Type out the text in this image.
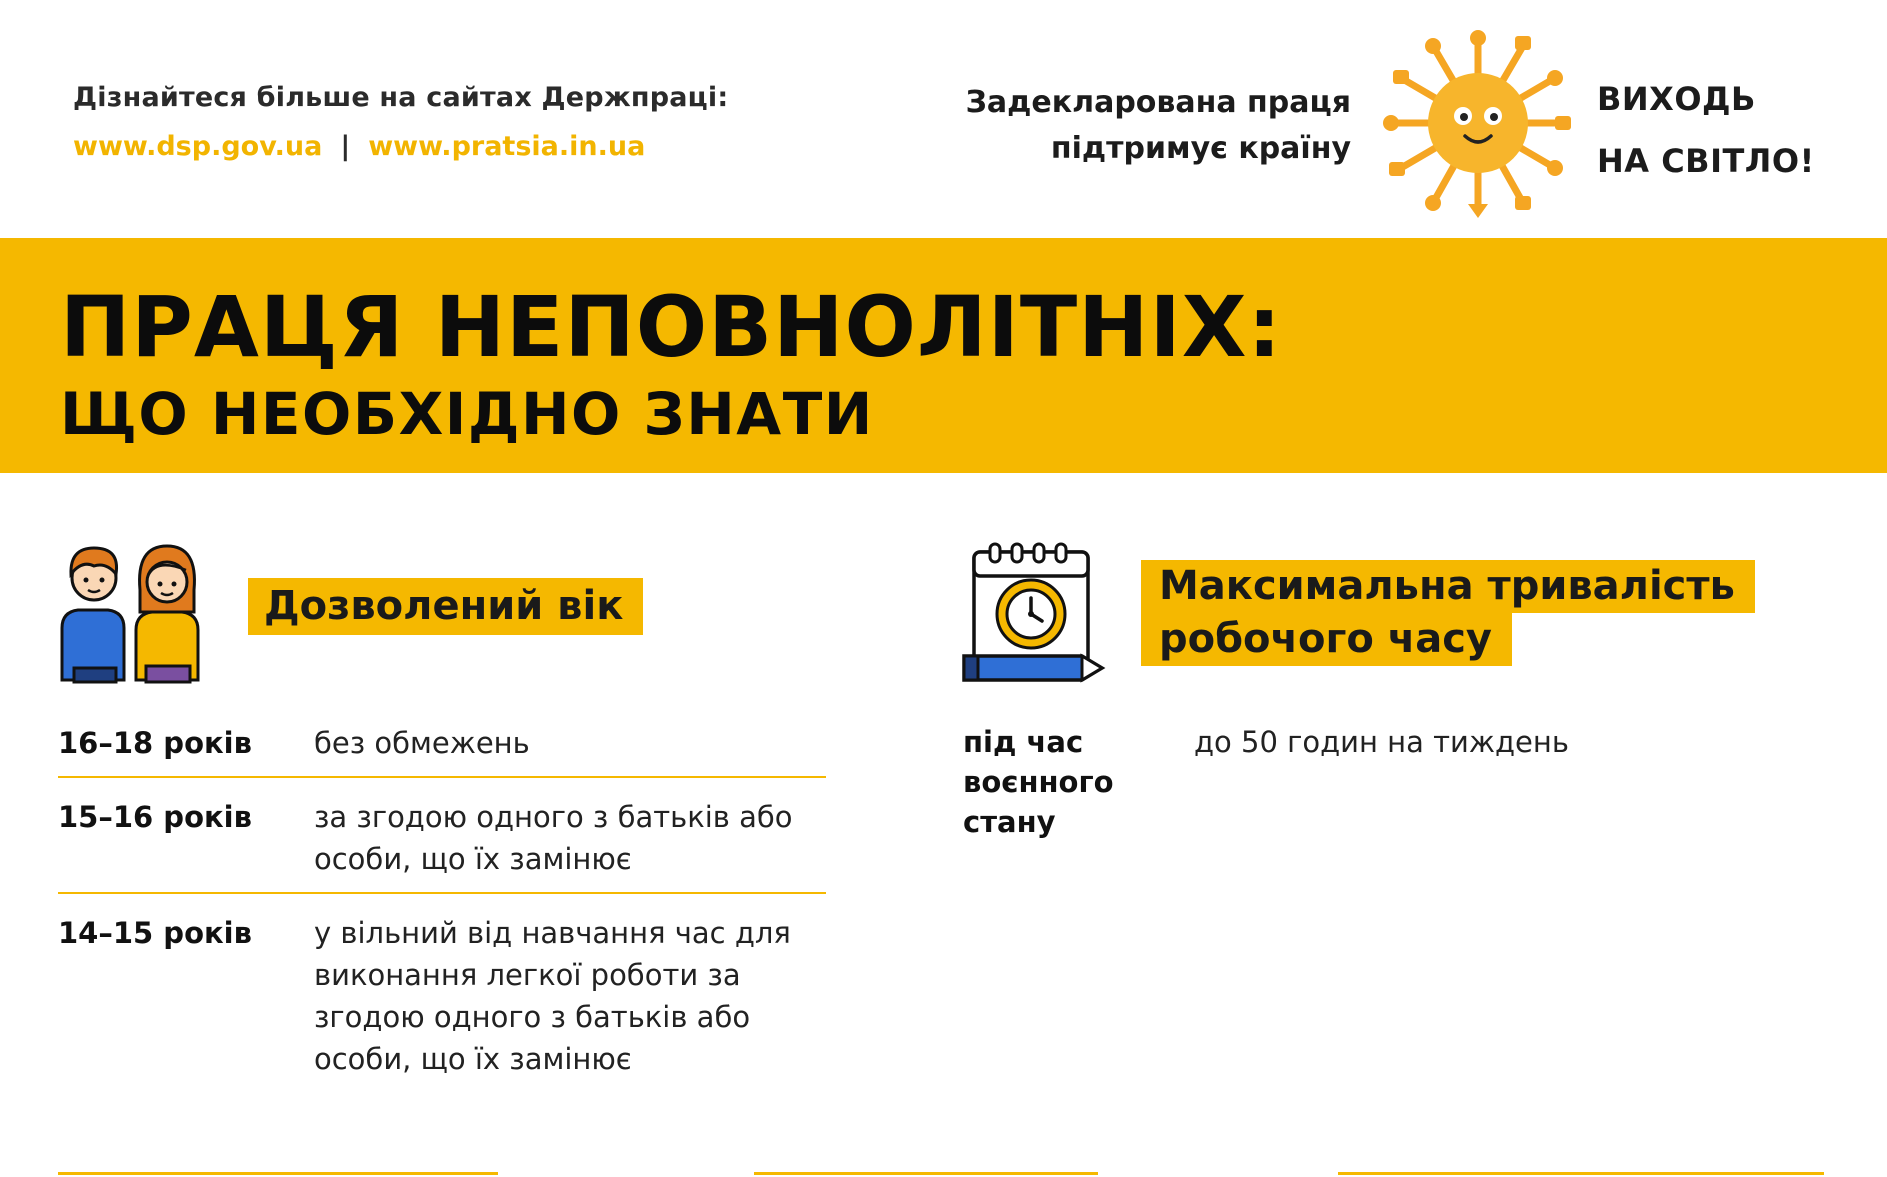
Дізнайтеся більше на сайтах Держпраці:
www.dsp.gov.ua | www.pratsia.in.ua
Задекларована праця
підтримує країну
ВИХОДЬ
НА СВІТЛО!
ПРАЦЯ НЕПОВНОЛІТНІХ:
ЩО НЕОБХІДНО ЗНАТИ
Дозволений вік
16–18 років	без обмежень
15–16 років	за згодою одного з батьків або особи, що їх замінює
14–15 років	у вільний від навчання час для виконання легкої роботи за згодою одного з батьків або особи, що їх замінює
Максимальна тривалість
робочого часу
під час воєнного стану
до 50 годин на тиждень
